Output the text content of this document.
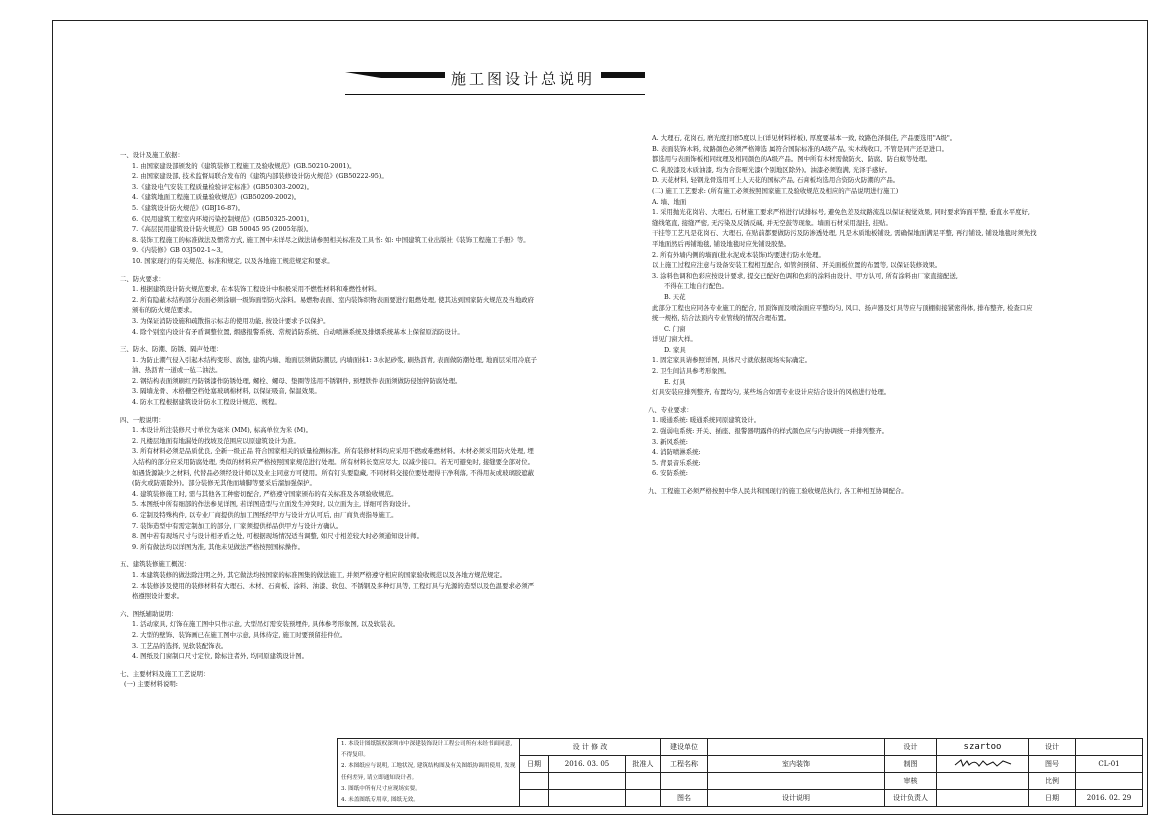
施工图设计总说明
一、设计及施工依据：
1. 由国家建设部颁发的《建筑装修工程施工及验收规范》(GB.50210-2001)。
2. 由国家建设部, 技术监督局联合发布的《建筑内部装修设计防火规范》(GB50222-95)。
3.《建设电气安装工程质量检验评定标准》(GB50303-2002)。
4.《建筑地面工程施工质量验收规范》(GB50209-2002)。
5.《建筑设计防火规范》(GBJ16-87)。
6.《民用建筑工程室内环境污染控制规范》(GB50325-2001)。
7.《高层民用建筑设计防火规范》GB 50045 95 (2005年版)。
8. 装饰工程施工的标准做法及惯常方式, 施工图中未详尽之做法请参照相关标准及工具书: 如: 中国建筑工业出版社《装饰工程施工手册》等。
9.《内装修》GB 03J502-1~3。
10. 国家现行的有关规范、标准和规定, 以及各地施工规范规定和要求。
二、防火要求：
1. 根据建筑设计防火规范要求, 在本装饰工程设计中积极采用不燃性材料和难燃性材料。
2. 所有隐蔽木结构部分表面必须涂刷一级饰面型防火涂料。易燃物表面、室内装饰织物表面要进行阻燃处理, 使其达到国家防火规范及当地政府颁布的防火规范要求。
3. 为保证消防设施和疏散指示标志的使用功能, 按设计要求予以保护。
4. 除个别室内设计有矛盾调整位置, 烟感报警系统、常规消防系统、自动喷淋系统及排烟系统基本上保留原消防设计。
三、防水、防潮、防锈、隔声处理：
1. 为防止潮气侵入引起木结构变形、腐蚀, 建筑内墙、地面层须做防潮层, 内墙面抹1: 3水泥砂浆, 刷热沥青, 表面做防潮处理, 地面层采用冷底子油、热沥青一道或一毡二油法。
2. 钢结构表面须刷红丹防锈漆作防锈处理, 螺栓、螺母、垫圈等选用不锈钢件, 预埋铁件表面须做防侵蚀锌防腐处理。
3. 隔墙龙骨、木格栅空档处塞玻璃棉材料, 以保证吸音, 保温效果。
4. 防水工程根据建筑设计防水工程设计规范、规程。
四、一般说明：
1. 本设计所注装修尺寸单位为毫米 (MM), 标高单位为米 (M)。
2. 凡楼层地面有地漏处的找坡及范围应以原建筑设计为准。
3. 所有材料必须是品质优良, 全新一级正品 符合国家相关的质量检测标准。所有装修材料均应采用不燃或难燃材料。木材必须采用防火处理, 埋入结构的部分应采用防腐处理, 类似的材料应严格按照国家规范进行处理。所有材料长宽应尽大, 以减少接口。若无可避免时, 接缝要全部对位。如遇货源缺少之材料, 代替品必须经设计师以及业主同意方可使用。所有钉头要隐藏, 不同材料交接位要处理得干净利落, 不得用灰或玻璃胶遮蔽(防火或防震除外)。部分装修无其他而墙脚等要采后溜加强保护。
4. 建筑装修施工时, 需与其他各工种密切配合, 严格遵守国家颁布的有关标准及各项验收规范。
5. 本图纸中所有细部的作法参见详图, 若详图造型与立面发生冲突时, 以立面为主, 详细可咨询设计。
6. 定制及特殊构件, 以专业厂商提供的加工图纸经甲方与设计方认可后, 由厂商负责指导施工。
7. 装饰造型中有需定制加工的部分, 厂家须提供样品供甲方与设计方确认。
8. 图中若有现场尺寸与设计相矛盾之处, 可根据现场情况适当调整, 如尺寸相差较大时必须通知设计师。
9. 所有做法均以详图为准, 其他未见做法严格按照国标操作。
五、建筑装修施工概况：
1. 本建筑装修的做法除注明之外, 其它做法均按国家的标准图集的做法施工, 并须严格遵守相应的国家验收规范以及各地方规范规定。
2. 本装修涉及使用的装修材料有大理石、木材、石膏板、涂料、油漆、软包、不锈钢及多种灯具等, 工程灯具与光源的造型以及色温要求必须严格遵照设计要求。
六、图纸辅助说明：
1. 活动家具, 灯饰在施工图中只作示意, 大型吊灯需安装预埋件, 具体参考形象图, 以及软装表。
2. 大型的壁饰、装饰画已在施工图中示意, 具体待定, 施工时要预留挂件位。
3. 工艺品的选择, 见软装配饰表。
4. 图纸及门窗制口尺寸定位, 除标注者外, 均同原建筑设计图。
七、主要材料及施工工艺说明：
(一) 主要材料说明:
A. 大理石, 花岗石, 磨光度打磨5度以上(详见材料样板), 厚度要基本一致, 纹路色泽俱佳, 产品要选用"A级"。
B. 表面装饰木料, 纹路颜色必须严格筛选 属符合国际标准的A级产品, 实木线收口, 不管是同产还是进口。
都选用与表面饰板相同纹理及相同颜色的A级产品。图中所有木材需做防火、防腐、防白蚁等处理。
C. 乳胶漆及木质油漆, 均为合资哑光漆(个别地区除外)。油漆必须饱满, 光泽手感好。
D. 天花材料, 轻钢龙骨选用可上人天花的国标产品, 石膏板均选用合资防火防潮的产品。
(二) 施工工艺要求: (所有施工必须按照国家施工及验收规范及相应的产品说明进行施工)
A. 墙、地面
1. 采用抛光花岗岩、大理石, 石材施工要求严格进行试排标号, 避免色差及纹路流乱以保证视觉效果, 同时要求饰面平整, 垂直水平度好, 缝线笔直, 接缝严密, 无污染及反锈反碱, 并无空鼓等现象。墙面石材采用湿挂, 挂贴。
干挂等工艺凡是花岗石、大理石, 在贴前都要做防污及防渗透处理, 凡是木质地板铺设, 需确保地面满足平整, 再行铺设, 铺设地毯时须先找平地面然后再铺地毯, 铺设地毯时应先铺设胶垫。
2. 所有外墙内侧的墙面(批水泥成本装饰)均要进行防水处理。
以上施工过程应注意与设备安装工程相互配合, 如管剑预留、开关面板位置的布置等, 以保证装修效果。
3. 涂料色调和色彩应按设计要求, 提交已配好色调和色彩的涂料由设计、甲方认可, 所有涂料由厂家直接配送,
不得在工地自行配色。
B. 天花
此部分工程也应同各专业施工的配合, 吊顶饰面及喷涂面应平整均匀, 风口、扬声器及灯具等应与顶棚衔接紧密得体, 排布整齐, 检查口应统一规格, 结合法顶内专业管线的情况合理布置。
C. 门窗
详见门窗大样。
D. 家具
1. 固定家具请参照详图, 具体尺寸就依据现场实际确定。
2. 卫生间洁具参考形象图。
E. 灯具
灯具安装应排列整齐, 布置均匀, 某些场合如需专业设计应结合设计的风格进行处理。
八、专业要求：
1. 暖通系统: 暖通系统同原建筑设计。
2. 强弱电系统: 开关、插座、报警器明露件的样式颜色应与内协调统一并排列整齐。
3. 新风系统:
4. 消防喷淋系统:
5. 背景音乐系统:
6. 安防系统:
九、工程施工必须严格按照中华人民共和国现行的施工验收规范执行, 各工种相互协调配合。
1. 本设计图纸版权深圳市中深建装饰设计工程公司所有未经书面同意, 不得复印。
2. 本图纸应与说明, 工地状况, 建筑结构图及有关图纸协调用使用, 发现任何差异, 请立即通知设计者。
3. 图纸中所有尺寸应现场实要。
4. 未盖图纸专用章, 图纸无效。	设 计 修 改			建设单位		设计	szartoo	设计	
	日期	2016. 03. 05	批准人	工程名称	室内装饰	制图		图号	CL-01
						审核		比例	
				图名	设计说明	设计负责人		日期	2016. 02. 29
